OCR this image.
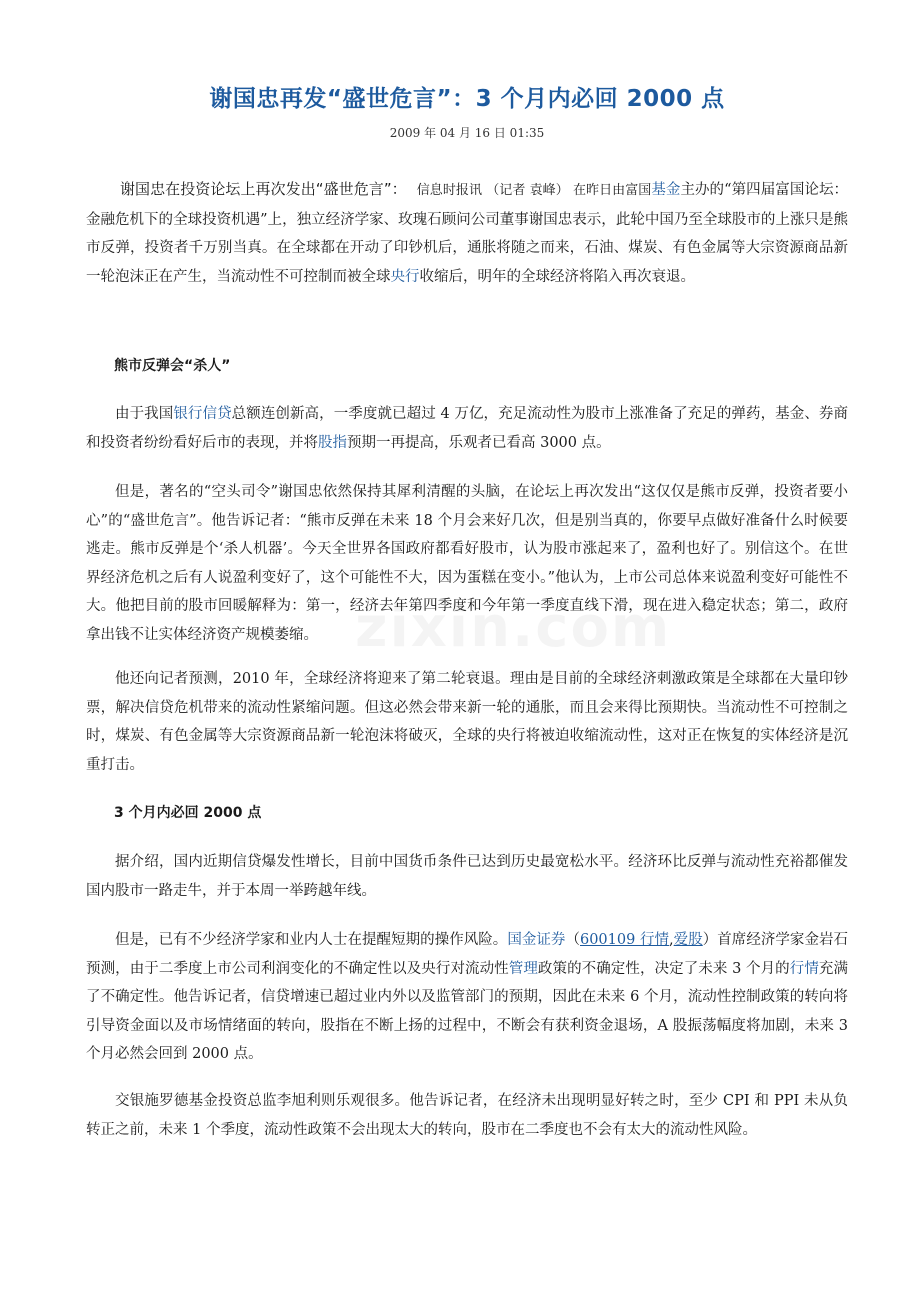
谢国忠再发“盛世危言”：3 个月内必回 2000 点
2009 年 04 月 16 日 01:35

谢国忠在投资论坛上再次发出“盛世危言”： 信息时报讯 （记者 袁峰） 在昨日由富国基金主办的“第四届富国论坛：金融危机下的全球投资机遇”上，独立经济学家、玫瑰石顾问公司董事谢国忠表示，此轮中国乃至全球股市的上涨只是熊市反弹，投资者千万别当真。在全球都在开动了印钞机后，通胀将随之而来，石油、煤炭、有色金属等大宗资源商品新一轮泡沫正在产生，当流动性不可控制而被全球央行收缩后，明年的全球经济将陷入再次衰退。

熊市反弹会“杀人”

由于我国银行信贷总额连创新高，一季度就已超过 4 万亿，充足流动性为股市上涨准备了充足的弹药，基金、券商和投资者纷纷看好后市的表现，并将股指预期一再提高，乐观者已看高 3000 点。

但是，著名的“空头司令”谢国忠依然保持其犀利清醒的头脑，在论坛上再次发出“这仅仅是熊市反弹，投资者要小心”的“盛世危言”。他告诉记者：“熊市反弹在未来 18 个月会来好几次，但是别当真的，你要早点做好准备什么时候要逃走。熊市反弹是个‘杀人机器’。今天全世界各国政府都看好股市，认为股市涨起来了，盈利也好了。别信这个。在世界经济危机之后有人说盈利变好了，这个可能性不大，因为蛋糕在变小。”他认为，上市公司总体来说盈利变好可能性不大。他把目前的股市回暖解释为：第一，经济去年第四季度和今年第一季度直线下滑，现在进入稳定状态；第二，政府拿出钱不让实体经济资产规模萎缩。

他还向记者预测，2010 年，全球经济将迎来了第二轮衰退。理由是目前的全球经济刺激政策是全球都在大量印钞票，解决信贷危机带来的流动性紧缩问题。但这必然会带来新一轮的通胀，而且会来得比预期快。当流动性不可控制之时，煤炭、有色金属等大宗资源商品新一轮泡沫将破灭，全球的央行将被迫收缩流动性，这对正在恢复的实体经济是沉重打击。

3 个月内必回 2000 点

据介绍，国内近期信贷爆发性增长，目前中国货币条件已达到历史最宽松水平。经济环比反弹与流动性充裕都催发国内股市一路走牛，并于本周一举跨越年线。

但是，已有不少经济学家和业内人士在提醒短期的操作风险。国金证券（600109 行情,爱股）首席经济学家金岩石预测，由于二季度上市公司利润变化的不确定性以及央行对流动性管理政策的不确定性，决定了未来 3 个月的行情充满了不确定性。他告诉记者，信贷增速已超过业内外以及监管部门的预期，因此在未来 6 个月，流动性控制政策的转向将引导资金面以及市场情绪面的转向，股指在不断上扬的过程中，不断会有获利资金退场，A 股振荡幅度将加剧，未来 3 个月必然会回到 2000 点。

交银施罗德基金投资总监李旭利则乐观很多。他告诉记者，在经济未出现明显好转之时，至少 CPI 和 PPI 未从负转正之前，未来 1 个季度，流动性政策不会出现太大的转向，股市在二季度也不会有太大的流动性风险。
